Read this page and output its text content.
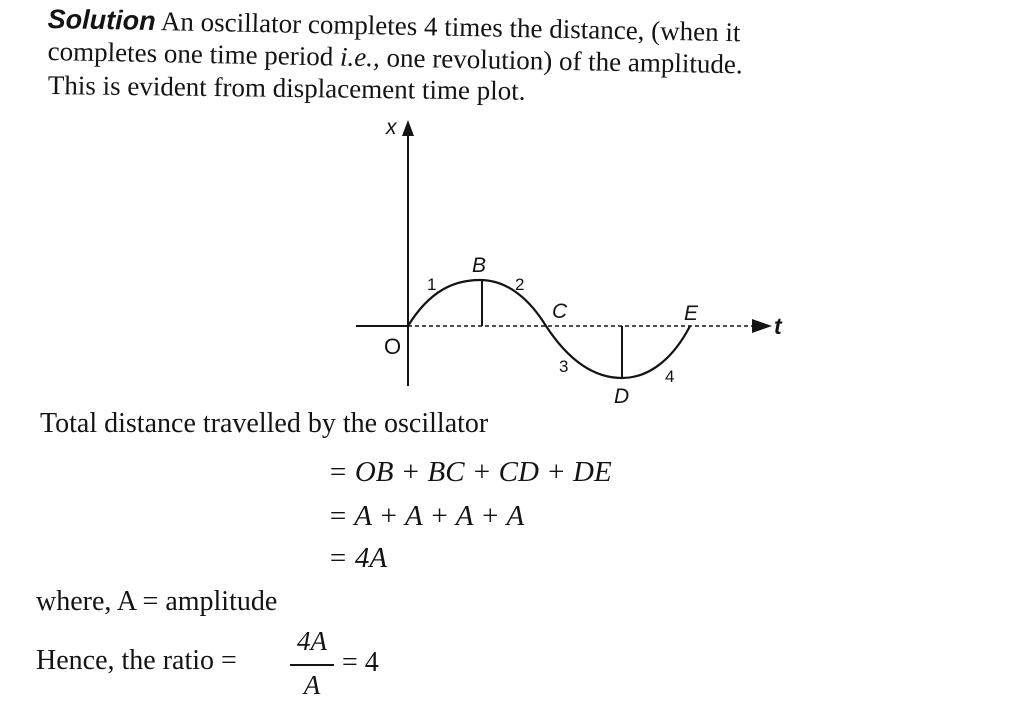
Solution An oscillator completes 4 times the distance, (when it
completes one time period i.e., one revolution) of the amplitude.
This is evident from displacement time plot.
x
t
O
B
C
D
E
1	2
3
4
Total distance travelled by the oscillator
= OB + BC + CD + DE
= A + A + A + A
= 4A
where, A = amplitude
Hence, the ratio =
4A
A
= 4
